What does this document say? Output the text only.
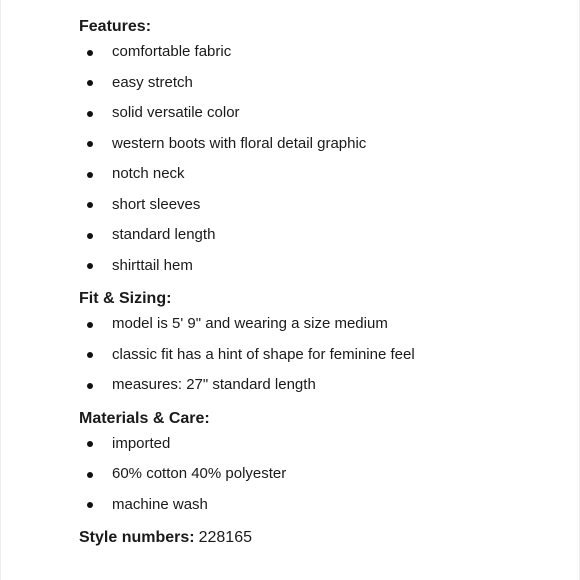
Features:
comfortable fabric
easy stretch
solid versatile color
western boots with floral detail graphic
notch neck
short sleeves
standard length
shirttail hem
Fit & Sizing:
model is 5' 9" and wearing a size medium
classic fit has a hint of shape for feminine feel
measures: 27" standard length
Materials & Care:
imported
60% cotton 40% polyester
machine wash
Style numbers: 228165
